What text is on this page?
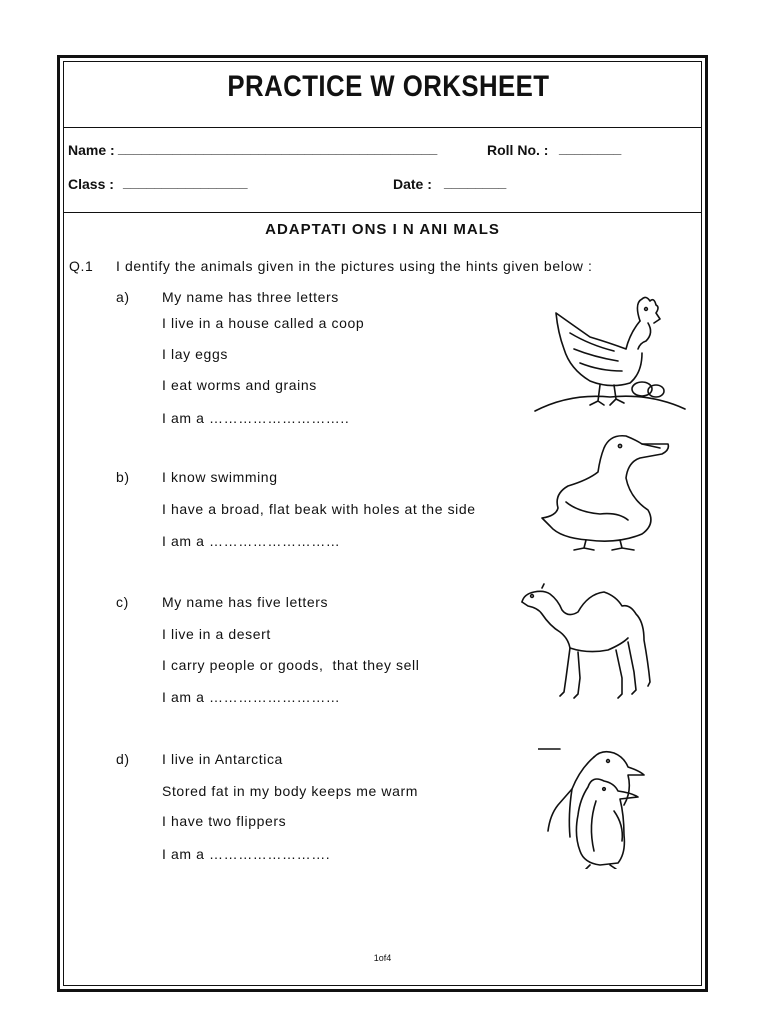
PRACTICE W ORKSHEET
Name : _________________________________________	Roll No. : ________
Class : ________________	Date : ________
ADAPTATI ONS I N ANI MALS
Q.1 I dentify the animals given in the pictures using the hints given below :
a) My name has three letters
I live in a house called a coop
I lay eggs
I eat worms and grains
I am a ………………………..
b) I know swimming
I have a broad, flat beak with holes at the side
I am a ………………………
c) My name has five letters
I live in a desert
I carry people or goods,  that they sell
I am a ………………………
d) I live in Antarctica
Stored fat in my body keeps me warm
I have two flippers
I am a …………………….
1of4
